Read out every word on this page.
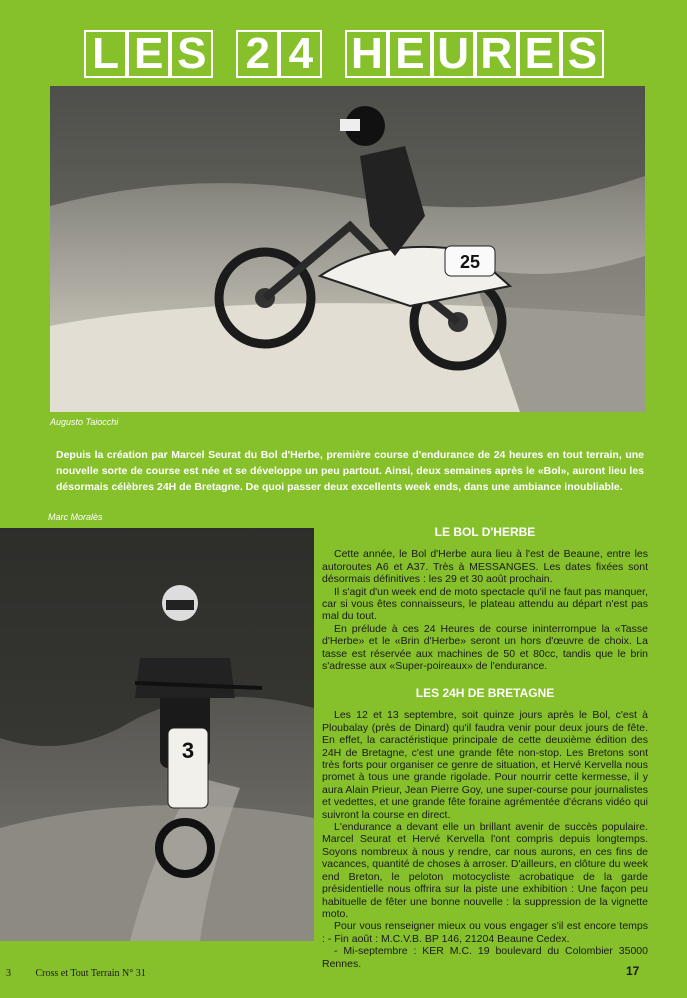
L E S 2 4 H E U R E S
25
Augusto Taiocchi
Depuis la création par Marcel Seurat du Bol d'Herbe, première course d'endurance de 24 heures en tout terrain, une nouvelle sorte de course est née et se développe un peu partout. Ainsi, deux semaines après le «Bol», auront lieu les désormais célèbres 24H de Bretagne. De quoi passer deux excellents week ends, dans une ambiance inoubliable.
Marc Moralès
3
LE BOL D'HERBE

Cette année, le Bol d'Herbe aura lieu à l'est de Beaune, entre les autoroutes A6 et A37. Très à MESSANGES. Les dates fixées sont désormais définitives : les 29 et 30 août prochain.

Il s'agit d'un week end de moto spectacle qu'il ne faut pas manquer, car si vous êtes connaisseurs, le plateau attendu au départ n'est pas mal du tout.

En prélude à ces 24 Heures de course ininterrompue la «Tasse d'Herbe» et le «Brin d'Herbe» seront un hors d'œuvre de choix. La tasse est réservée aux machines de 50 et 80cc, tandis que le brin s'adresse aux «Super-poireaux» de l'endurance.

LES 24H DE BRETAGNE

Les 12 et 13 septembre, soit quinze jours après le Bol, c'est à Ploubalay (près de Dinard) qu'il faudra venir pour deux jours de fête. En effet, la caractéristique principale de cette deuxième édition des 24H de Bretagne, c'est une grande fête non-stop. Les Bretons sont très forts pour organiser ce genre de situation, et Hervé Kervella nous promet à tous une grande rigolade. Pour nourrir cette kermesse, il y aura Alain Prieur, Jean Pierre Goy, une super-course pour journalistes et vedettes, et une grande fête foraine agrémentée d'écrans vidéo qui suivront la course en direct.

L'endurance a devant elle un brillant avenir de succès populaire. Marcel Seurat et Hervé Kervella l'ont compris depuis longtemps. Soyons nombreux à nous y rendre, car nous aurons, en ces fins de vacances, quantité de choses à arroser. D'ailleurs, en clôture du week end Breton, le peloton motocycliste acrobatique de la garde présidentielle nous offrira sur la piste une exhibition : Une façon peu habituelle de fêter une bonne nouvelle : la suppression de la vignette moto.

Pour vous renseigner mieux ou vous engager s'il est encore temps : - Fin août : M.C.V.B. BP 146, 21204 Beaune Cedex.

- Mi-septembre : KER M.C. 19 boulevard du Colombier 35000 Rennes.

3 Cross et Tout Terrain N° 31	17
